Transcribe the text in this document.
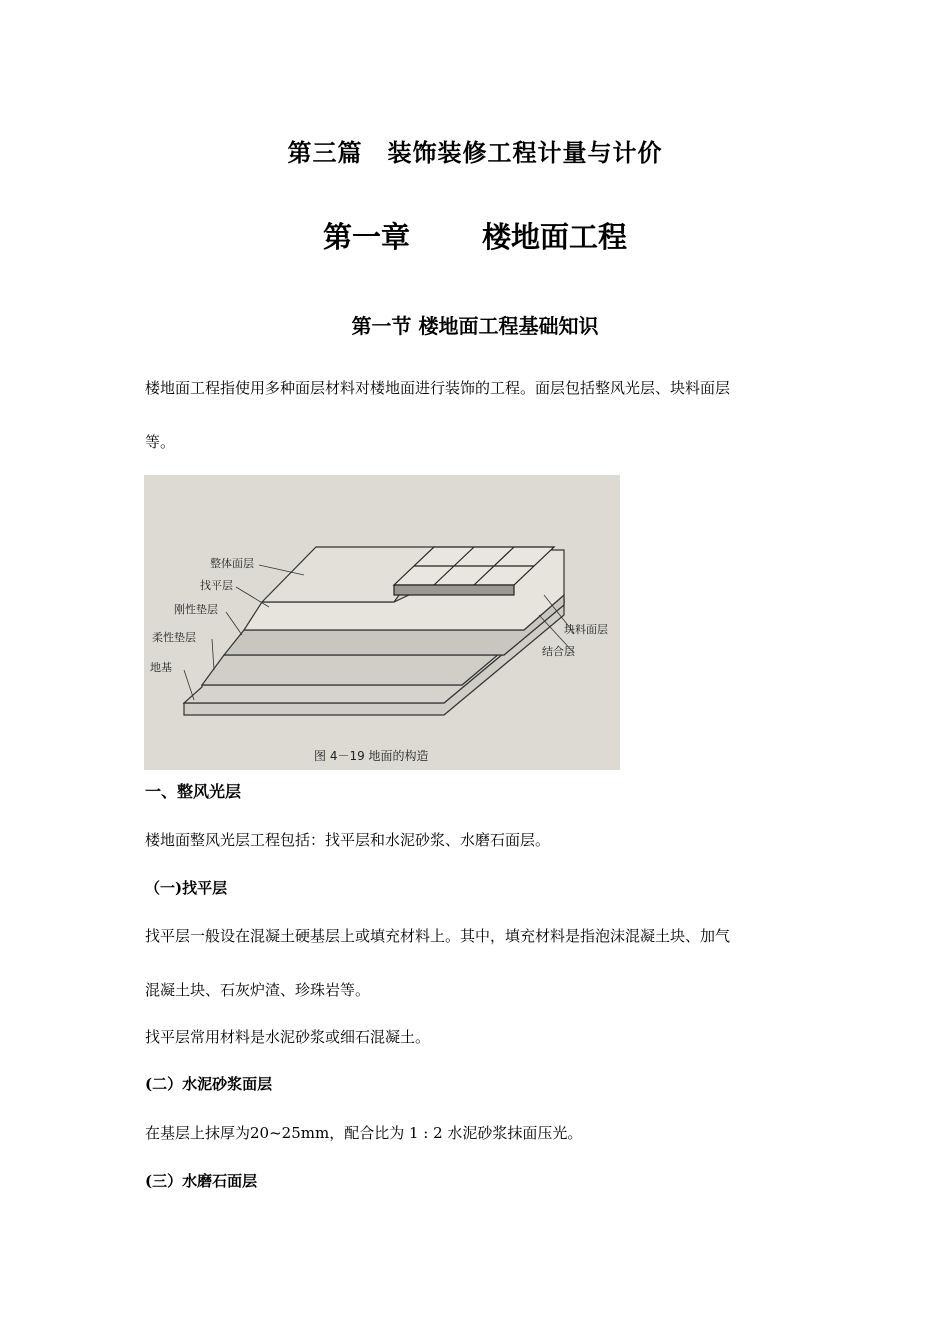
第三篇　装饰装修工程计量与计价
第一章 楼地面工程
第一节 楼地面工程基础知识
楼地面工程指使用多种面层材料对楼地面进行装饰的工程。面层包括整风光层、块料面层
等。
整体面层
找平层
刚性垫层
柔性垫层
地基
块料面层
结合层
图 4－19 地面的构造
一、整风光层
楼地面整风光层工程包括：找平层和水泥砂浆、水磨石面层。
（一)找平层
找平层一般设在混凝土硬基层上或填充材料上。其中，填充材料是指泡沫混凝土块、加气
混凝土块、石灰炉渣、珍珠岩等。
找平层常用材料是水泥砂浆或细石混凝土。
(二）水泥砂浆面层
在基层上抹厚为20~25mm，配合比为 1 : 2 水泥砂浆抹面压光。
(三）水磨石面层
